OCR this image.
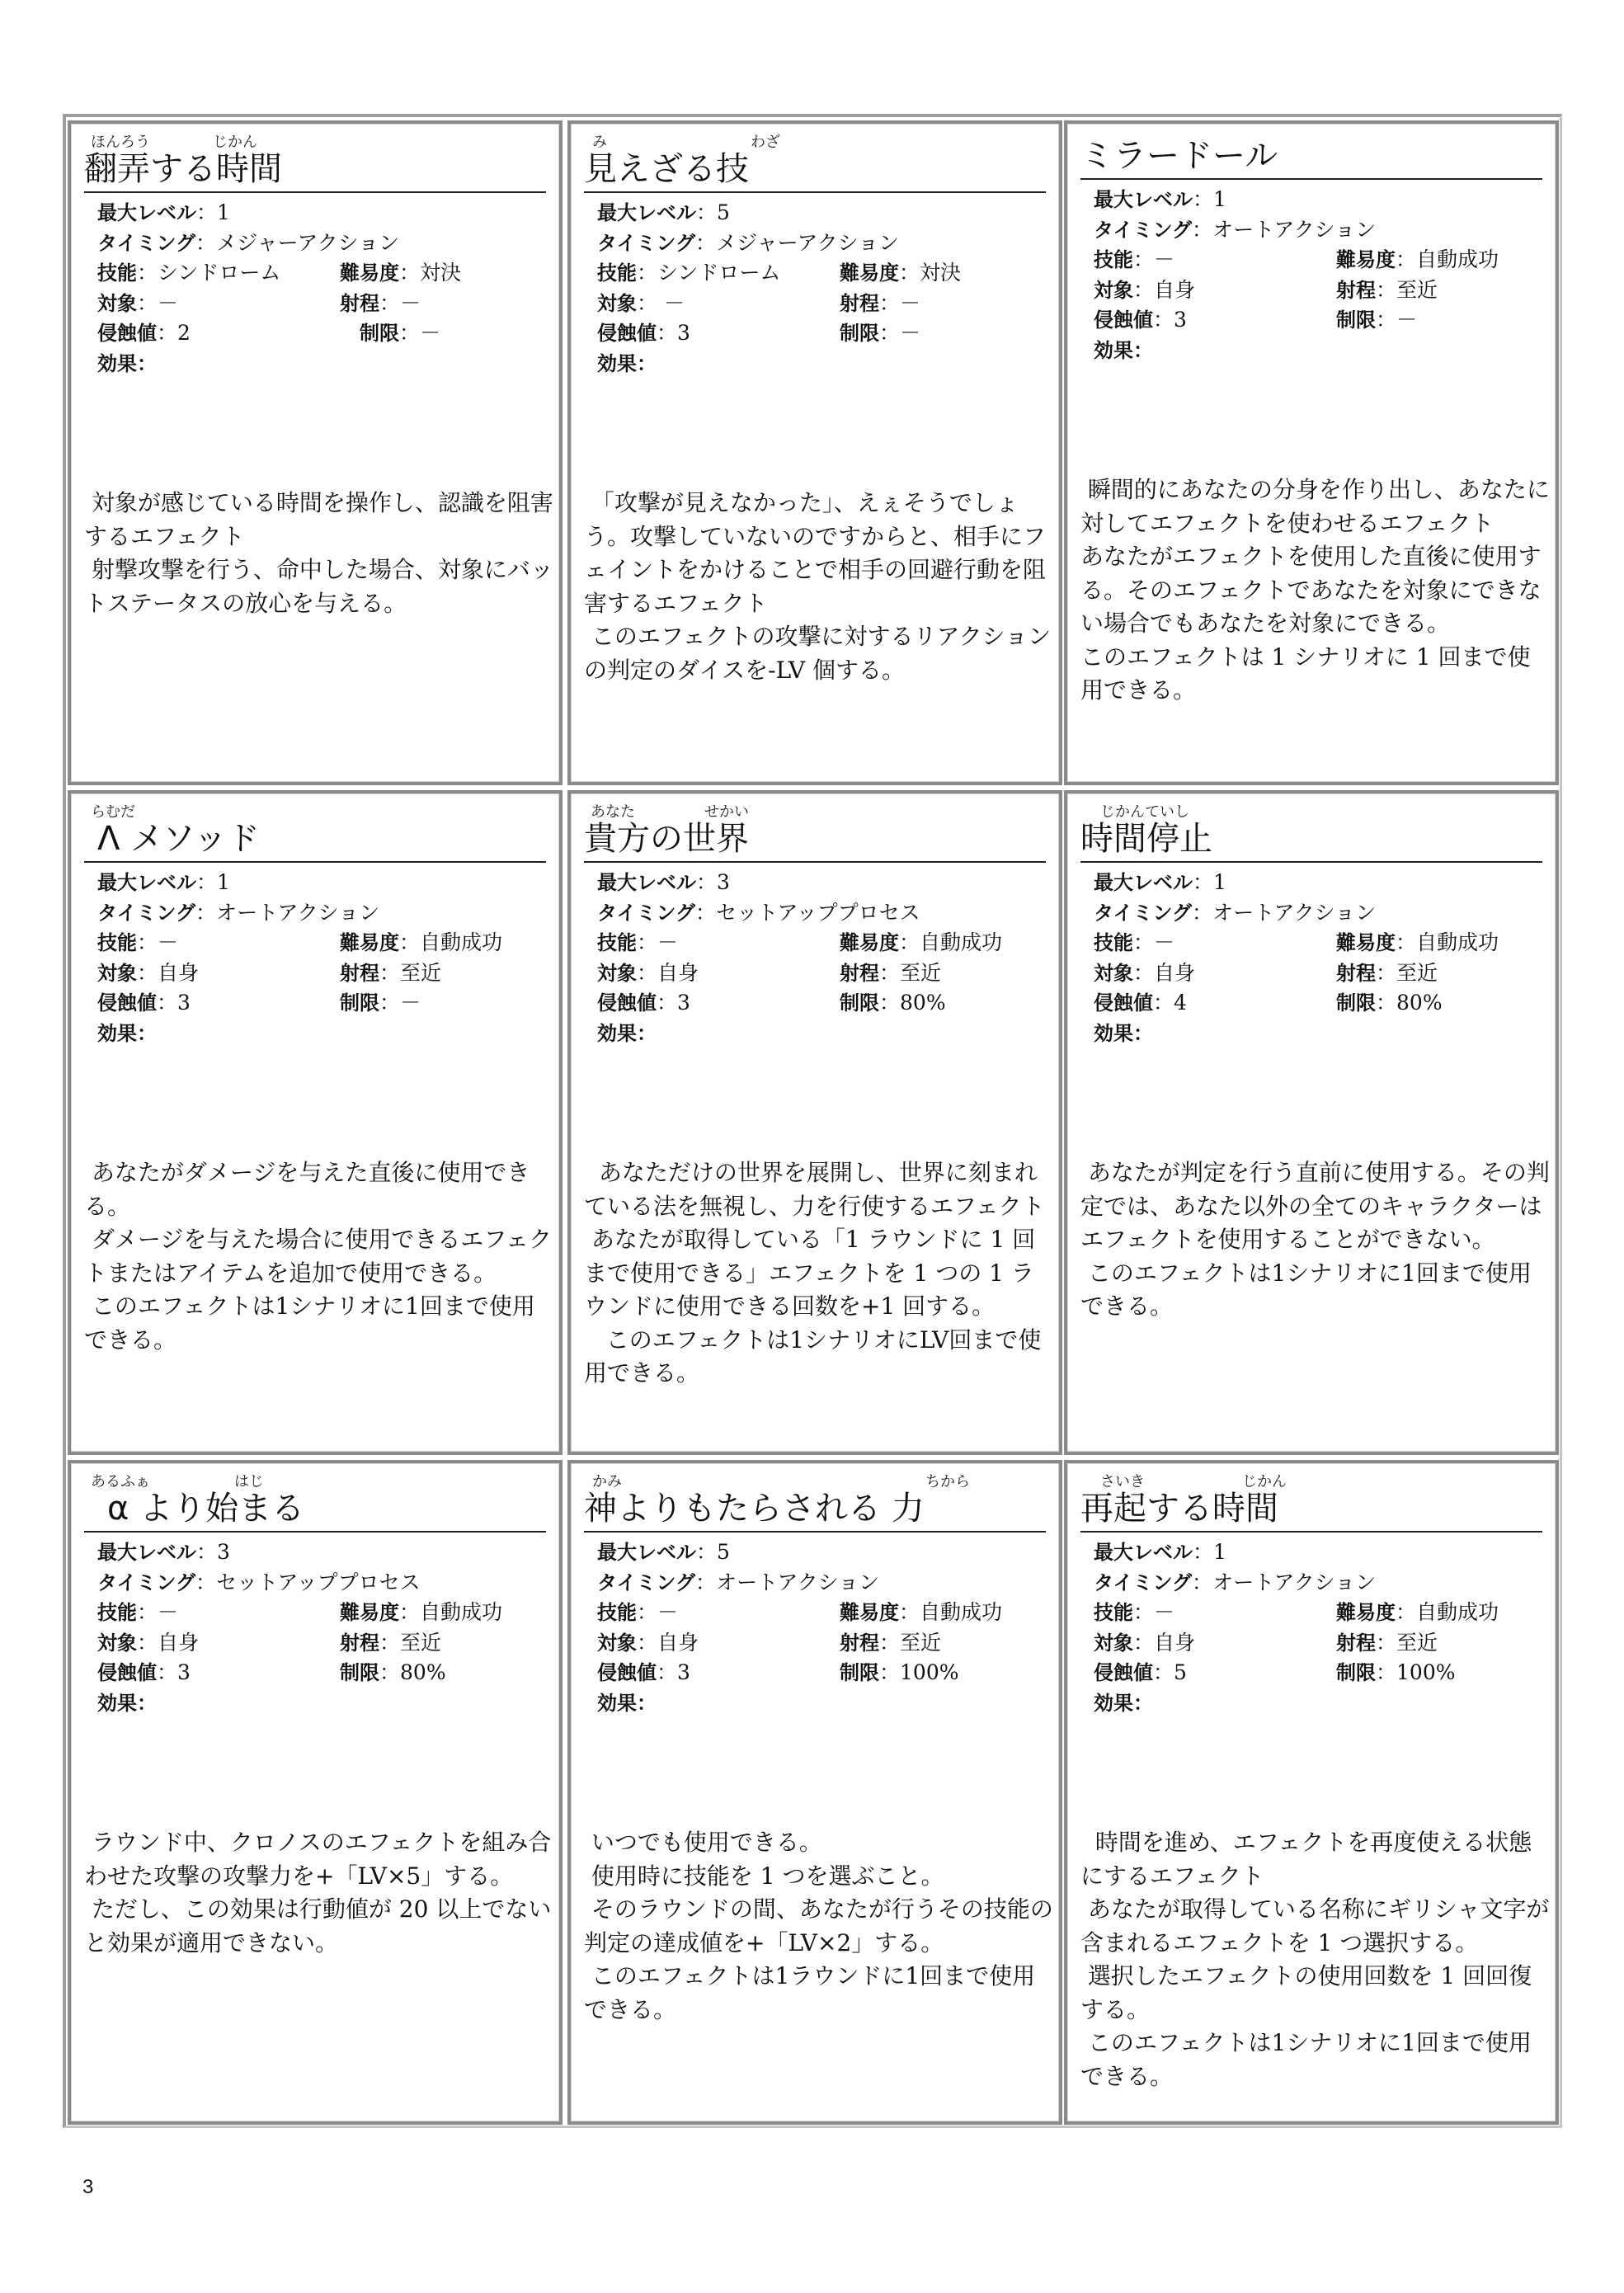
ほんろう	じかん
翻弄する時間
最大レベル：1
タイミング：メジャーアクション
技能：シンドローム	難易度：対決
対象：－	射程：－
侵蝕値：2	制限：－
効果：

対象が感じている時間を操作し、認識を阻害するエフェクト

射撃攻撃を行う、命中した場合、対象にバットステータスの放心を与える。

み	わざ
見えざる技
最大レベル：5
タイミング：メジャーアクション
技能：シンドローム	難易度：対決
対象： －	射程：－
侵蝕値：3	制限：－
効果：

「攻撃が見えなかった」、えぇそうでしょう。攻撃していないのですからと、相手にフェイントをかけることで相手の回避行動を阻害するエフェクト

このエフェクトの攻撃に対するリアクションの判定のダイスを-LV 個する。

ミラードール
最大レベル：1
タイミング：オートアクション
技能：－	難易度：自動成功
対象：自身	射程：至近
侵蝕値：3	制限：－
効果：

瞬間的にあなたの分身を作り出し、あなたに対してエフェクトを使わせるエフェクト

あなたがエフェクトを使用した直後に使用する。そのエフェクトであなたを対象にできない場合でもあなたを対象にできる。

このエフェクトは 1 シナリオに 1 回まで使用できる。

らむだ
Λ メソッド
最大レベル：1
タイミング：オートアクション
技能：－	難易度：自動成功
対象：自身	射程：至近
侵蝕値：3	制限：－
効果：

あなたがダメージを与えた直後に使用できる。

ダメージを与えた場合に使用できるエフェクトまたはアイテムを追加で使用できる。

このエフェクトは1シナリオに1回まで使用できる。

あなた	せかい
貴方の世界
最大レベル：3
タイミング：セットアッププロセス
技能：－	難易度：自動成功
対象：自身	射程：至近
侵蝕値：3	制限：80%
効果：

あなただけの世界を展開し、世界に刻まれている法を無視し、力を行使するエフェクト

あなたが取得している「1 ラウンドに 1 回まで使用できる」エフェクトを 1 つの 1 ラウンドに使用できる回数を+1 回する。

このエフェクトは1シナリオにLV回まで使用できる。

じかんていし
時間停止
最大レベル：1
タイミング：オートアクション
技能：－	難易度：自動成功
対象：自身	射程：至近
侵蝕値：4	制限：80%
効果：

あなたが判定を行う直前に使用する。その判定では、あなた以外の全てのキャラクターはエフェクトを使用することができない。

このエフェクトは1シナリオに1回まで使用できる。

あるふぁ	はじ
α より始まる
最大レベル：3
タイミング：セットアッププロセス
技能：－	難易度：自動成功
対象：自身	射程：至近
侵蝕値：3	制限：80%
効果：

ラウンド中、クロノスのエフェクトを組み合わせた攻撃の攻撃力を+「LV×5」する。

ただし、この効果は行動値が 20 以上でないと効果が適用できない。

かみ	ちから
神よりもたらされる 力
最大レベル：5
タイミング：オートアクション
技能：－	難易度：自動成功
対象：自身	射程：至近
侵蝕値：3	制限：100%
効果：

いつでも使用できる。

使用時に技能を 1 つを選ぶこと。

そのラウンドの間、あなたが行うその技能の判定の達成値を+「LV×2」する。

このエフェクトは1ラウンドに1回まで使用できる。

さいき	じかん
再起する時間
最大レベル：1
タイミング：オートアクション
技能：－	難易度：自動成功
対象：自身	射程：至近
侵蝕値：5	制限：100%
効果：

時間を進め、エフェクトを再度使える状態にするエフェクト

あなたが取得している名称にギリシャ文字が含まれるエフェクトを 1 つ選択する。

選択したエフェクトの使用回数を 1 回回復する。

このエフェクトは1シナリオに1回まで使用できる。

3
